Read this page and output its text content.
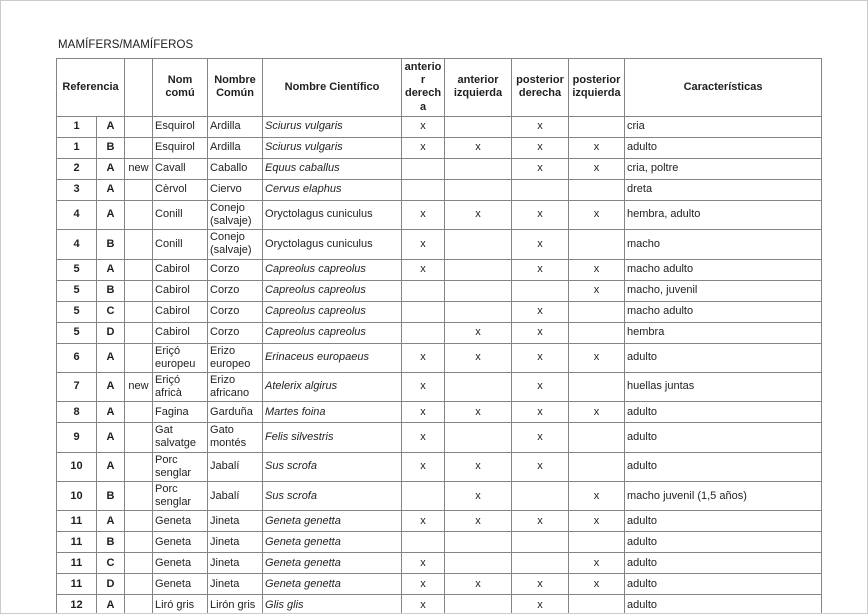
MAMÍFERS/MAMÍFEROS
Referencia			Nom comú	Nombre Común	Nombre Científico	anterior derecha	anterior izquierda	posterior derecha	posterior izquierda	Características
1	A		Esquirol	Ardilla	Sciurus vulgaris	x		x		cria
1	B		Esquirol	Ardilla	Sciurus vulgaris	x	x	x	x	adulto
2	A	new	Cavall	Caballo	Equus caballus			x	x	cria, poltre
3	A		Cèrvol	Ciervo	Cervus elaphus					dreta
4	A		Conill	Conejo (salvaje)	Oryctolagus cuniculus	x	x	x	x	hembra, adulto
4	B		Conill	Conejo (salvaje)	Oryctolagus cuniculus	x		x		macho
5	A		Cabirol	Corzo	Capreolus capreolus	x		x	x	macho adulto
5	B		Cabirol	Corzo	Capreolus capreolus				x	macho, juvenil
5	C		Cabirol	Corzo	Capreolus capreolus			x		macho adulto
5	D		Cabirol	Corzo	Capreolus capreolus		x	x		hembra
6	A		Eriçó europeu	Erizo europeo	Erinaceus europaeus	x	x	x	x	adulto
7	A	new	Eriçó africà	Erizo africano	Atelerix algirus	x		x		huellas juntas
8	A		Fagina	Garduña	Martes foina	x	x	x	x	adulto
9	A		Gat salvatge	Gato montés	Felis silvestris	x		x		adulto
10	A		Porc senglar	Jabalí	Sus scrofa	x	x	x		adulto
10	B		Porc senglar	Jabalí	Sus scrofa		x		x	macho juvenil (1,5 años)
11	A		Geneta	Jineta	Geneta genetta	x	x	x	x	adulto
11	B		Geneta	Jineta	Geneta genetta					adulto
11	C		Geneta	Jineta	Geneta genetta	x			x	adulto
11	D		Geneta	Jineta	Geneta genetta	x	x	x	x	adulto
12	A		Liró gris	Lirón gris	Glis glis	x		x		adulto
